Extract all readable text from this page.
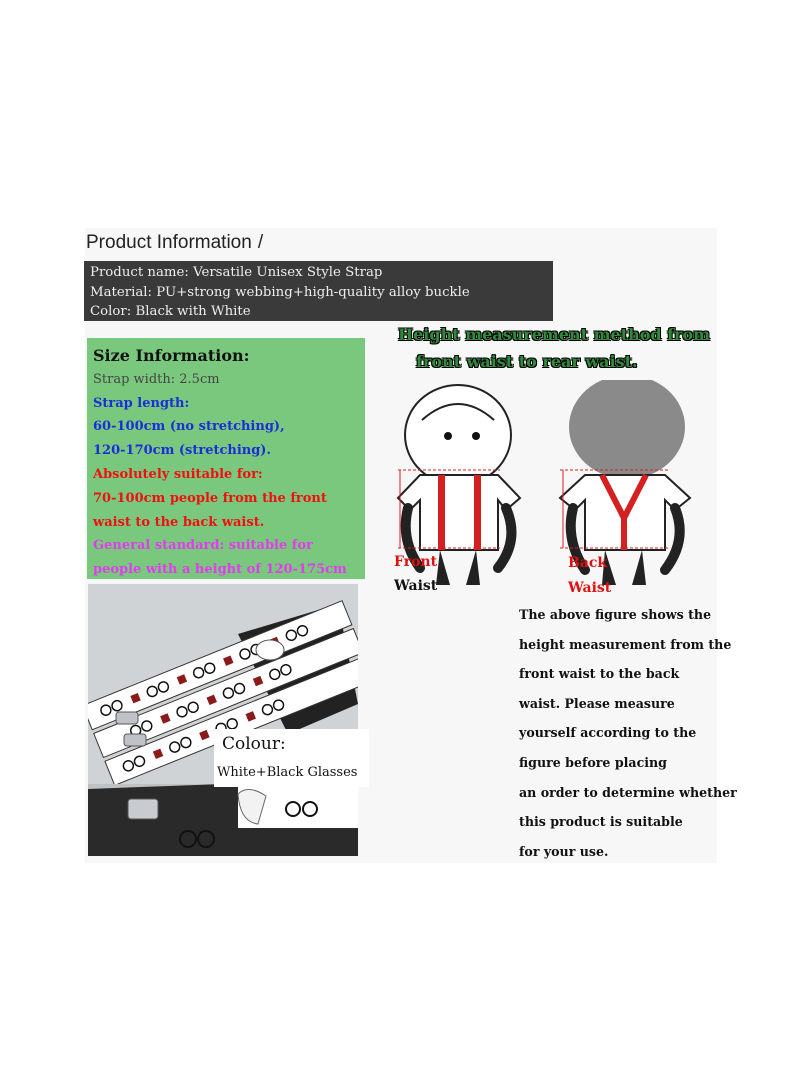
Product Information /
Product name: Versatile Unisex Style Strap
Material: PU+strong webbing+high-quality alloy buckle
Color: Black with White
Size Information:
Strap width: 2.5cm
Strap length:
60-100cm (no stretching),
120-170cm (stretching).
Absolutely suitable for:
70-100cm people from the front
waist to the back waist.
General standard: suitable for
people with a height of 120-175cm
Height measurement method from
front waist to rear waist.
Front
Waist
Back
Waist
Colour:
White+Black Glasses
The above figure shows the
height measurement from the
front waist to the back
waist. Please measure
yourself according to the
figure before placing
an order to determine whether
this product is suitable
for your use.
